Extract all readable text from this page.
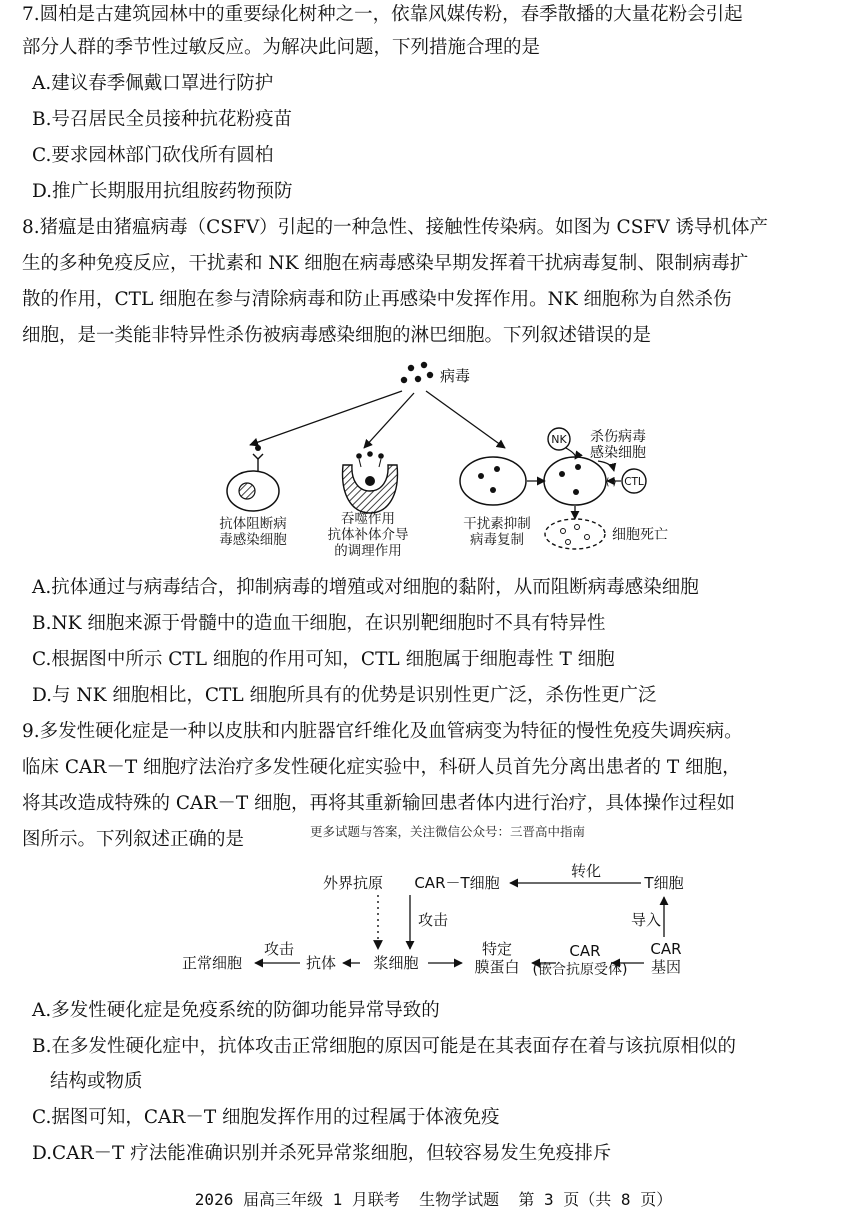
7.圆柏是古建筑园林中的重要绿化树种之一，依靠风媒传粉，春季散播的大量花粉会引起
部分人群的季节性过敏反应。为解决此问题，下列措施合理的是
A.建议春季佩戴口罩进行防护
B.号召居民全员接种抗花粉疫苗
C.要求园林部门砍伐所有圆柏
D.推广长期服用抗组胺药物预防
8.猪瘟是由猪瘟病毒（CSFV）引起的一种急性、接触性传染病。如图为 CSFV 诱导机体产
生的多种免疫反应，干扰素和 NK 细胞在病毒感染早期发挥着干扰病毒复制、限制病毒扩
散的作用，CTL 细胞在参与清除病毒和防止再感染中发挥作用。NK 细胞称为自然杀伤
细胞，是一类能非特异性杀伤被病毒感染细胞的淋巴细胞。下列叙述错误的是
病毒
抗体阻断病
毒感染细胞
吞噬作用
抗体补体介导
的调理作用
干扰素抑制
病毒复制
NK 杀伤病毒
感染细胞
CTL
⟨·⟩
细胞死亡
A.抗体通过与病毒结合，抑制病毒的增殖或对细胞的黏附，从而阻断病毒感染细胞
B.NK 细胞来源于骨髓中的造血干细胞，在识别靶细胞时不具有特异性
C.根据图中所示 CTL 细胞的作用可知，CTL 细胞属于细胞毒性 T 细胞
D.与 NK 细胞相比，CTL 细胞所具有的优势是识别性更广泛，杀伤性更广泛
9.多发性硬化症是一种以皮肤和内脏器官纤维化及血管病变为特征的慢性免疫失调疾病。
临床 CAR－T 细胞疗法治疗多发性硬化症实验中，科研人员首先分离出患者的 T 细胞，
将其改造成特殊的 CAR－T 细胞，再将其重新输回患者体内进行治疗，具体操作过程如
图所示。下列叙述正确的是	更多试题与答案，关注微信公众号：三晋高中指南
外界抗原 CAR－T细胞
转化
T细胞
攻击	导入
正常细胞
攻击
抗体 浆细胞
特定
膜蛋白
CAR
(嵌合抗原受体)
CAR
基因
A.多发性硬化症是免疫系统的防御功能异常导致的
B.在多发性硬化症中，抗体攻击正常细胞的原因可能是在其表面存在着与该抗原相似的
结构或物质
C.据图可知，CAR－T 细胞发挥作用的过程属于体液免疫
D.CAR－T 疗法能准确识别并杀死异常浆细胞，但较容易发生免疫排斥
2026 届高三年级 1 月联考  生物学试题  第 3 页（共 8 页）
